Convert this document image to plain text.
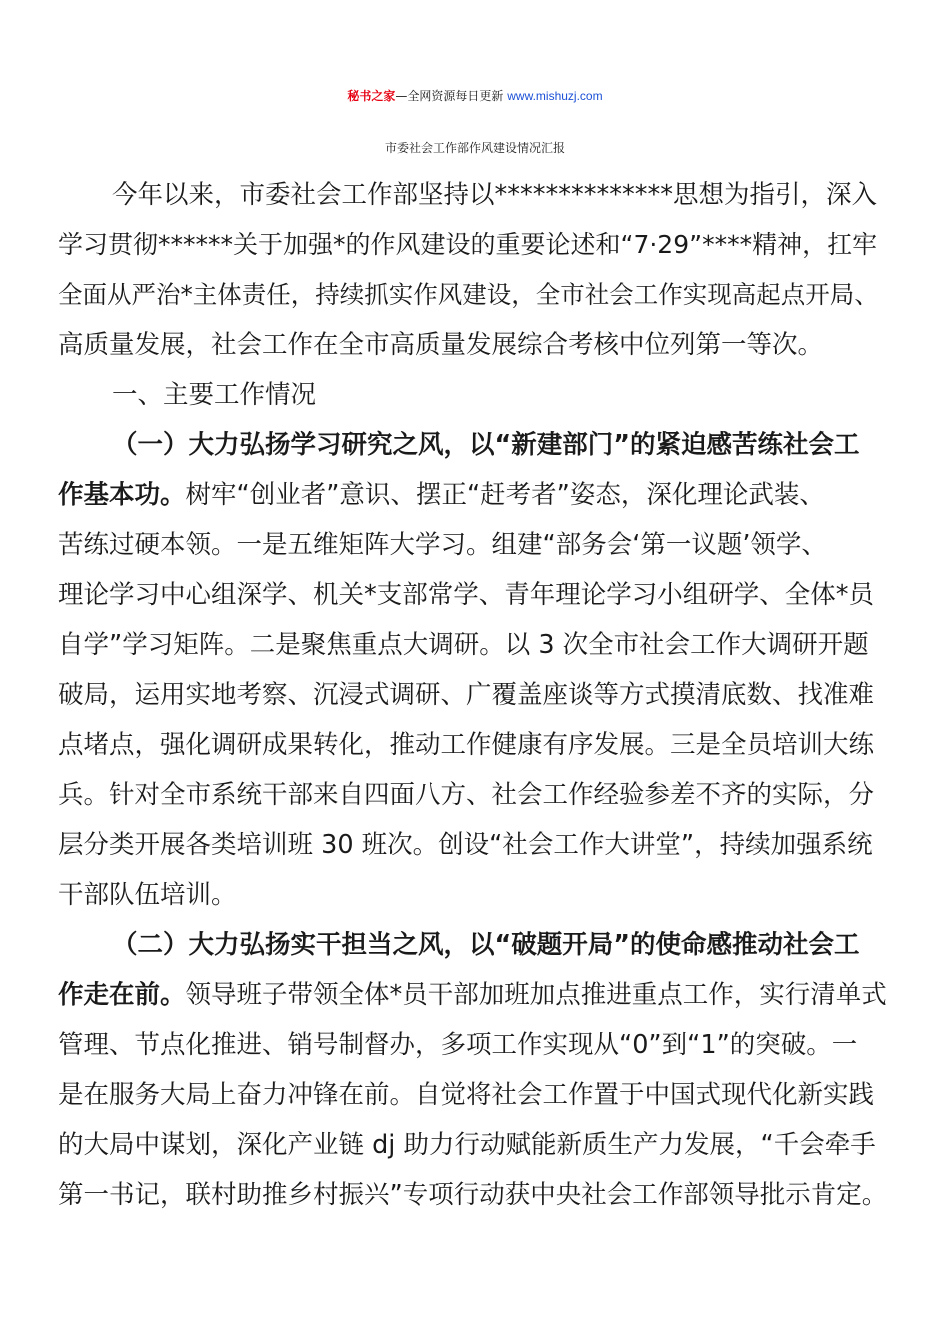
秘书之家—全网资源每日更新 www.mishuzj.com
市委社会工作部作风建设情况汇报
今年以来，市委社会工作部坚持以**************思想为指引，深入
学习贯彻******关于加强*的作风建设的重要论述和“7·29”****精神，扛牢
全面从严治*主体责任，持续抓实作风建设，全市社会工作实现高起点开局、
高质量发展，社会工作在全市高质量发展综合考核中位列第一等次。
一、主要工作情况
（一）大力弘扬学习研究之风，以“新建部门”的紧迫感苦练社会工
作基本功。树牢“创业者”意识、摆正“赶考者”姿态，深化理论武装、
苦练过硬本领。一是五维矩阵大学习。组建“部务会‘第一议题’领学、
理论学习中心组深学、机关*支部常学、青年理论学习小组研学、全体*员
自学”学习矩阵。二是聚焦重点大调研。以 3 次全市社会工作大调研开题
破局，运用实地考察、沉浸式调研、广覆盖座谈等方式摸清底数、找准难
点堵点，强化调研成果转化，推动工作健康有序发展。三是全员培训大练
兵。针对全市系统干部来自四面八方、社会工作经验参差不齐的实际，分
层分类开展各类培训班 30 班次。创设“社会工作大讲堂”，持续加强系统
干部队伍培训。
（二）大力弘扬实干担当之风，以“破题开局”的使命感推动社会工
作走在前。领导班子带领全体*员干部加班加点推进重点工作，实行清单式
管理、节点化推进、销号制督办，多项工作实现从“0”到“1”的突破。一
是在服务大局上奋力冲锋在前。自觉将社会工作置于中国式现代化新实践
的大局中谋划，深化产业链 dj 助力行动赋能新质生产力发展，“千会牵手
第一书记，联村助推乡村振兴”专项行动获中央社会工作部领导批示肯定。
